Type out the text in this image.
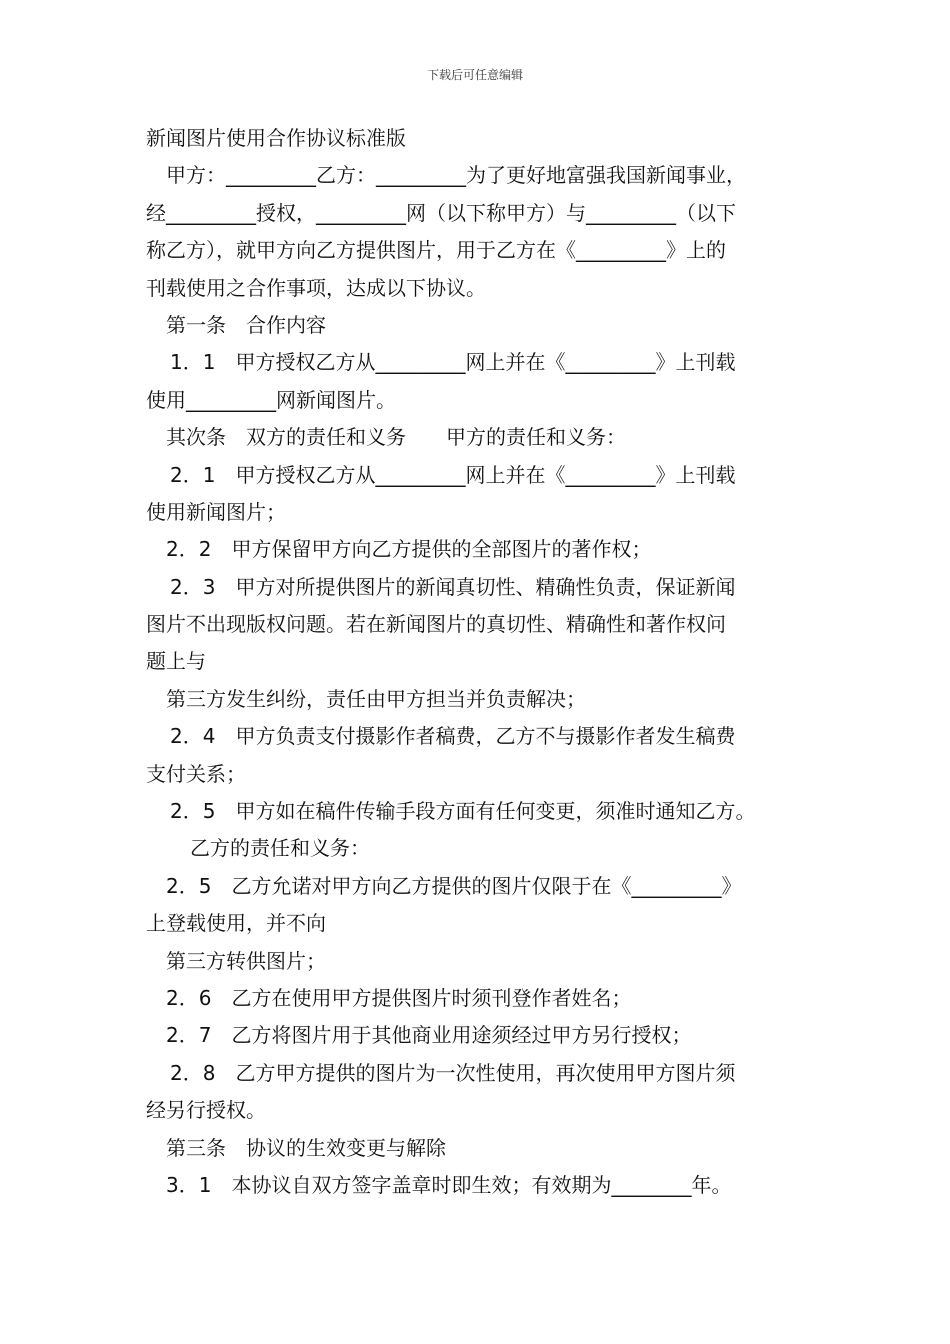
下载后可任意编辑
新闻图片使用合作协议标准版
甲方：_________乙方：_________为了更好地富强我国新闻事业，
经_________授权，_________网（以下称甲方）与_________（以下
称乙方），就甲方向乙方提供图片，用于乙方在《_________》上的
刊载使用之合作事项，达成以下协议。
第一条　合作内容
1．1　甲方授权乙方从_________网上并在《_________》上刊载
使用_________网新闻图片。
其次条　双方的责任和义务　　甲方的责任和义务：
2．1　甲方授权乙方从_________网上并在《_________》上刊载
使用新闻图片；
2．2　甲方保留甲方向乙方提供的全部图片的著作权；
2．3　甲方对所提供图片的新闻真切性、精确性负责，保证新闻
图片不出现版权问题。若在新闻图片的真切性、精确性和著作权问
题上与
第三方发生纠纷，责任由甲方担当并负责解决；
2．4　甲方负责支付摄影作者稿费，乙方不与摄影作者发生稿费
支付关系；
2．5　甲方如在稿件传输手段方面有任何变更，须准时通知乙方。
乙方的责任和义务：
2．5　乙方允诺对甲方向乙方提供的图片仅限于在《_________》
上登载使用，并不向
第三方转供图片；
2．6　乙方在使用甲方提供图片时须刊登作者姓名；
2．7　乙方将图片用于其他商业用途须经过甲方另行授权；
2．8　乙方甲方提供的图片为一次性使用，再次使用甲方图片须
经另行授权。
第三条　协议的生效变更与解除
3．1　本协议自双方签字盖章时即生效；有效期为________年。
